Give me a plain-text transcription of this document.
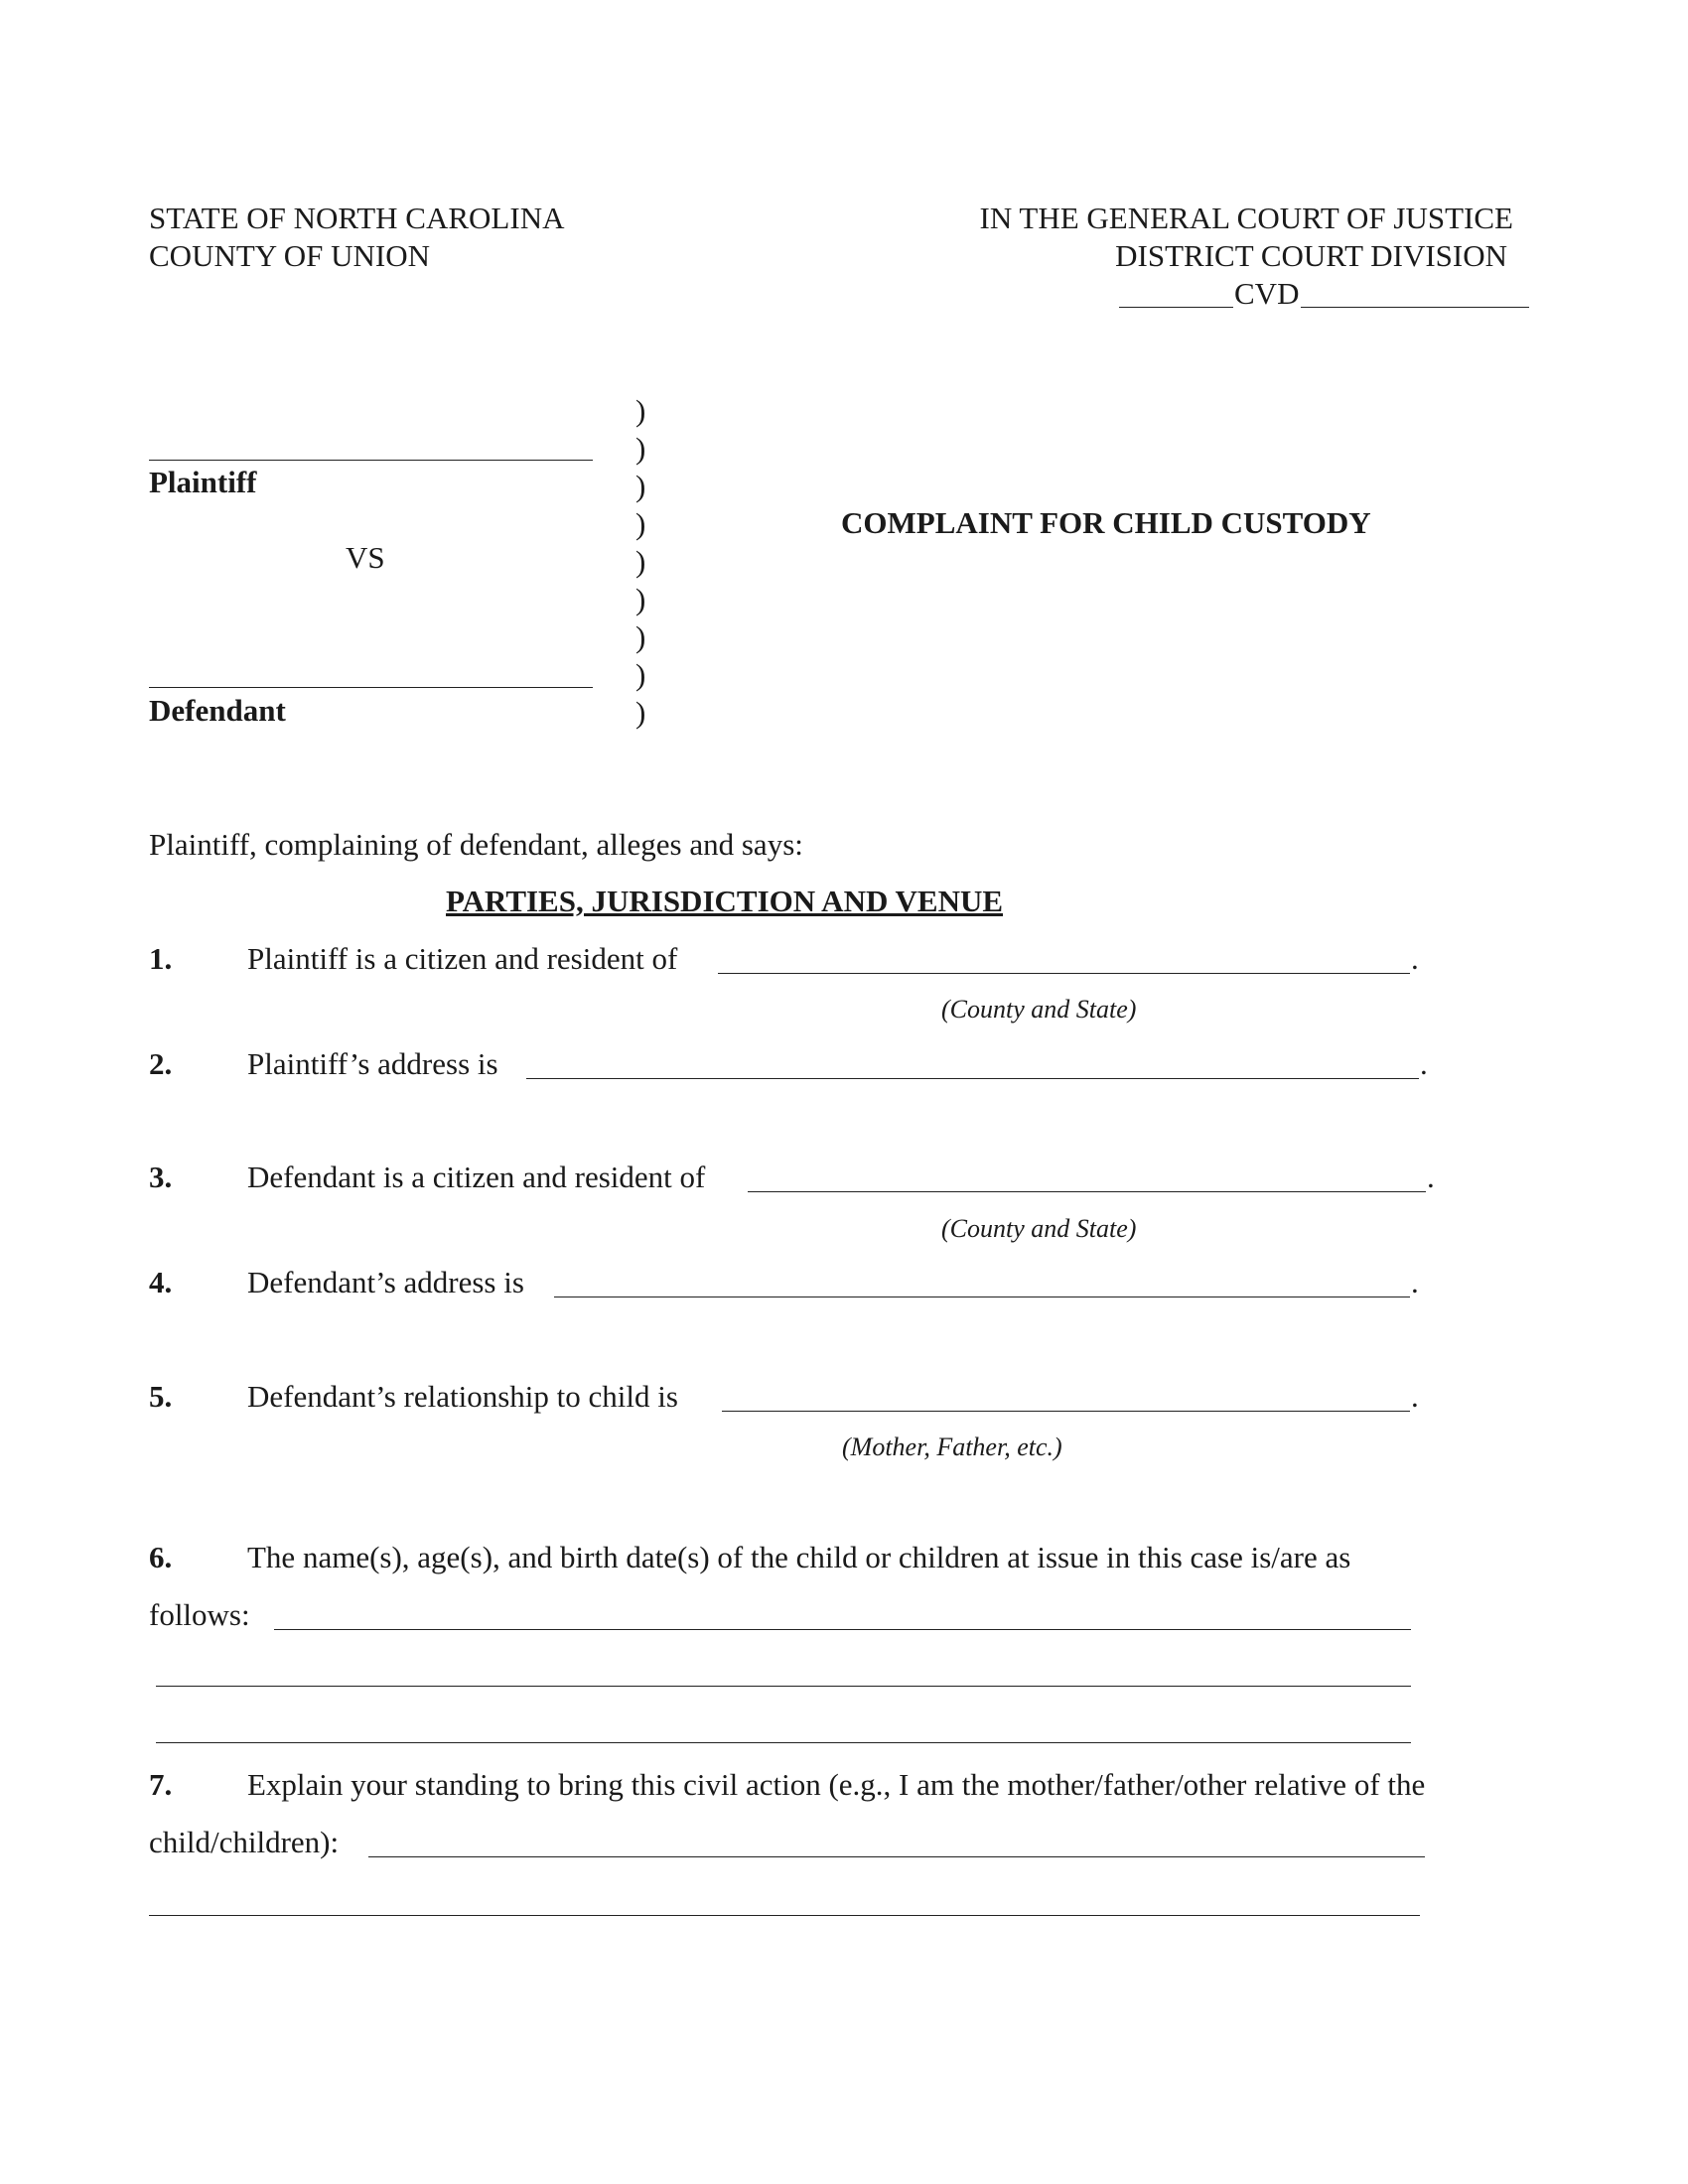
STATE OF NORTH CAROLINA
COUNTY OF UNION
IN THE GENERAL COURT OF JUSTICE
DISTRICT COURT DIVISION
CVD
Plaintiff
VS
Defendant
)
)
)
)
)
)
)
)
)
COMPLAINT FOR CHILD CUSTODY
Plaintiff, complaining of defendant, alleges and says:
PARTIES, JURISDICTION AND VENUE
1. Plaintiff is a citizen and resident of	.
(County and State)
2. Plaintiff’s address is	.
3. Defendant is a citizen and resident of	.
(County and State)
4. Defendant’s address is	.
5. Defendant’s relationship to child is	.
(Mother, Father, etc.)
6. The name(s), age(s), and birth date(s) of the child or children at issue in this case is/are as
follows:
7. Explain your standing to bring this civil action (e.g., I am the mother/father/other relative of the
child/children):
